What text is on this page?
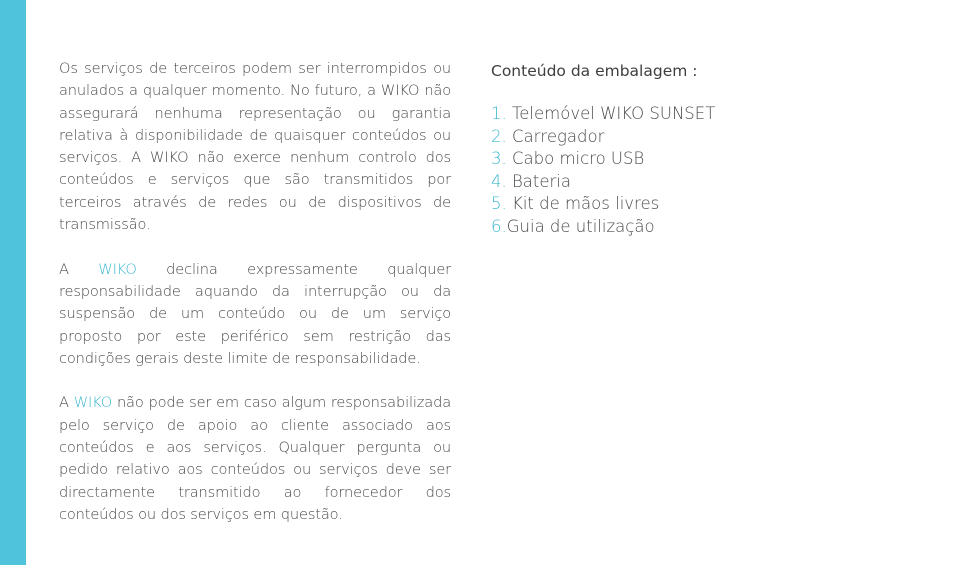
Os serviços de terceiros podem ser interrompidos ou anulados a qualquer momento. No futuro, a WIKO não assegurará nenhuma representação ou garantia relativa à disponibilidade de quaisquer conteúdos ou serviços. A WIKO não exerce nenhum controlo dos conteúdos e serviços que são transmitidos por terceiros através de redes ou de dispositivos de transmissão.

A WIKO declina expressamente qualquer responsabilidade aquando da interrupção ou da suspensão de um conteúdo ou de um serviço proposto por este periférico sem restrição das condições gerais deste limite de responsabilidade.

A WIKO não pode ser em caso algum responsabilizada pelo serviço de apoio ao cliente associado aos conteúdos e aos serviços. Qualquer pergunta ou pedido relativo aos conteúdos ou serviços deve ser directamente transmitido ao fornecedor dos conteúdos ou dos serviços em questão.

Conteúdo da embalagem :
1. Telemóvel WIKO SUNSET
2. Carregador
3. Cabo micro USB
4. Bateria
5. Kit de mãos livres
6.Guia de utilização
